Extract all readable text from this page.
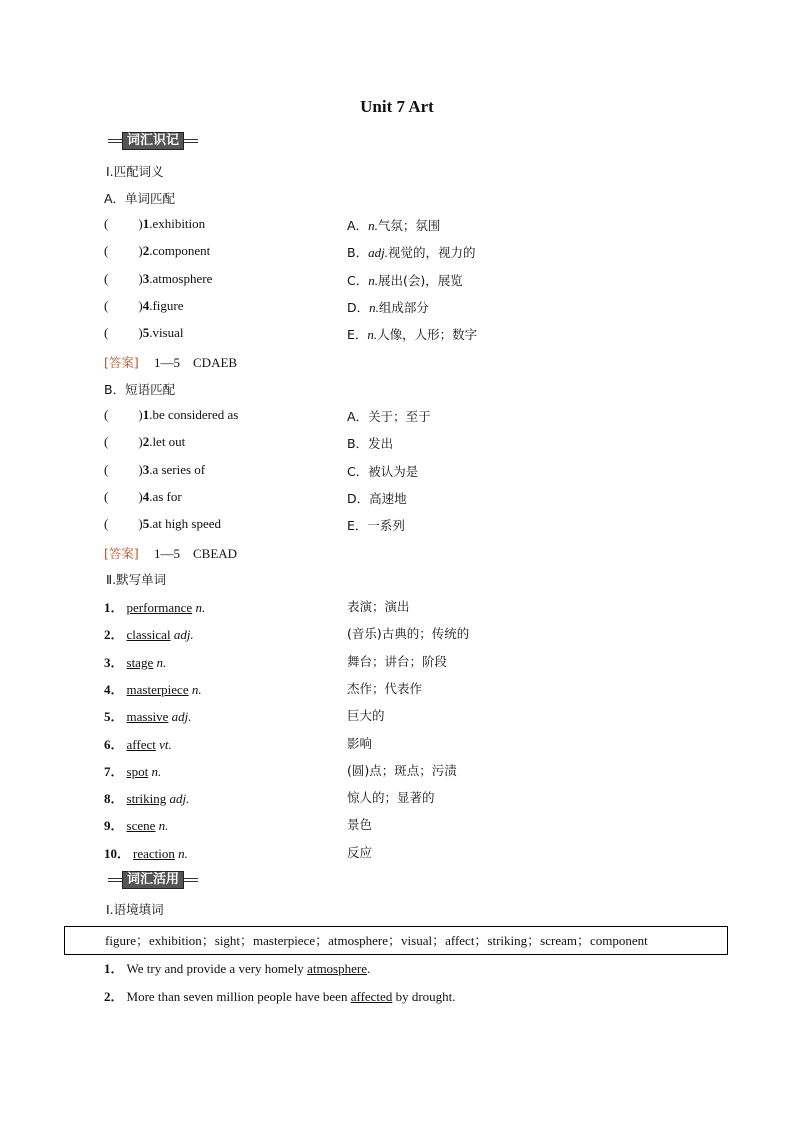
Unit 7 Art
词汇识记
Ⅰ.匹配词义
A．单词匹配
( )1.exhibition	A．n.气氛；氛围
( )2.component	B．adj.视觉的，视力的
( )3.atmosphere	C．n.展出(会)，展览
( )4.figure	D．n.组成部分
( )5.visual	E．n.人像，人形；数字
[答案] 1—5　CDAEB
B．短语匹配
( )1.be considered as	A．关于；至于
( )2.let out	B．发出
( )3.a series of	C．被认为是
( )4.as for	D．高速地
( )5.at high speed	E．一系列
[答案] 1—5　CBEAD
Ⅱ.默写单词
1． performance n.	表演；演出
2． classical adj.	(音乐)古典的；传统的
3． stage n.	舞台；讲台；阶段
4． masterpiece n.	杰作；代表作
5． massive adj.	巨大的
6． affect vt.	影响
7． spot n.	(圆)点；斑点；污渍
8． striking adj.	惊人的；显著的
9． scene n.	景色
10． reaction n.	反应
词汇活用
Ⅰ.语境填词
figure；exhibition；sight；masterpiece；atmosphere；visual；affect；striking；scream；component
1． We try and provide a very homely atmosphere.
2． More than seven million people have been affected by drought.
